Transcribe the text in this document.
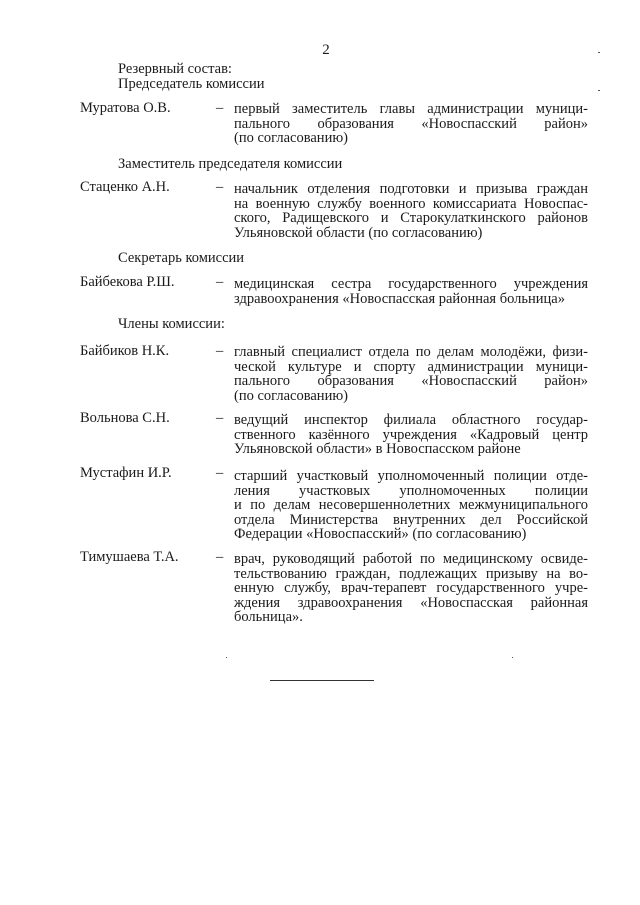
2
Резервный состав:
Председатель комиссии
Муратова О.В.	– первый заместитель главы администрации муници-
пального образования «Новоспасский район»
(по согласованию)
Заместитель председателя комиссии
Стаценко А.Н.	– начальник отделения подготовки и призыва граждан
на военную службу военного комиссариата Новоспас-
ского, Радищевского и Старокулаткинского районов
Ульяновской области (по согласованию)
Секретарь комиссии
Байбекова Р.Ш.	– медицинская сестра государственного учреждения
здравоохранения «Новоспасская районная больница»
Члены комиссии:
Байбиков Н.К.	– главный специалист отдела по делам молодёжи, физи-
ческой культуре и спорту администрации муници-
пального образования «Новоспасский район»
(по согласованию)
Вольнова С.Н.	– ведущий инспектор филиала областного государ-
ственного казённого учреждения «Кадровый центр
Ульяновской области» в Новоспасском районе
Мустафин И.Р.	– старший участковый уполномоченный полиции отде-
ления участковых уполномоченных полиции
и по делам несовершеннолетних межмуниципального
отдела Министерства внутренних дел Российской
Федерации «Новоспасский» (по согласованию)
Тимушаева Т.А.	– врач, руководящий работой по медицинскому освиде-
тельствованию граждан, подлежащих призыву на во-
енную службу, врач-терапевт государственного учре-
ждения здравоохранения «Новоспасская районная
больница».
